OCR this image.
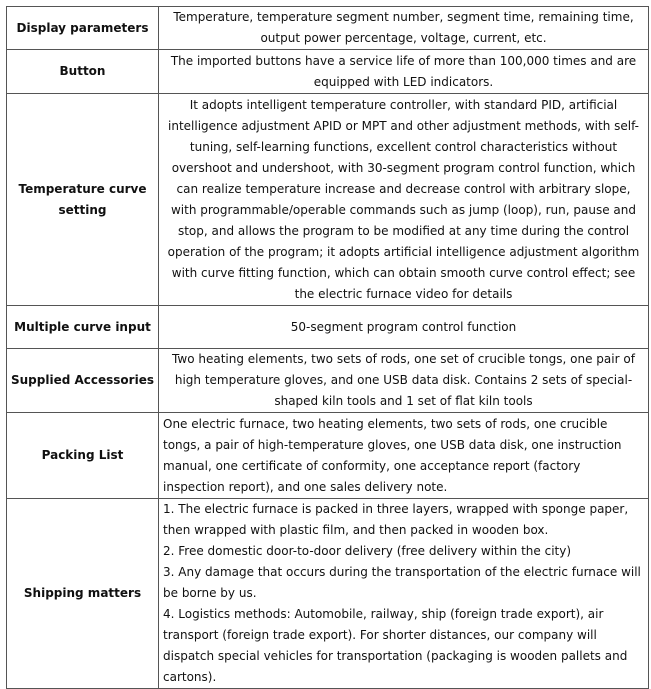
Display parameters	Temperature, temperature segment number, segment time, remaining time, output power percentage, voltage, current, etc.
Button	The imported buttons have a service life of more than 100,000 times and are equipped with LED indicators.
Temperature curve setting	It adopts intelligent temperature controller, with standard PID, artificial intelligence adjustment APID or MPT and other adjustment methods, with self-tuning, self-learning functions, excellent control characteristics without overshoot and undershoot, with 30-segment program control function, which can realize temperature increase and decrease control with arbitrary slope, with programmable/operable commands such as jump (loop), run, pause and stop, and allows the program to be modified at any time during the control operation of the program; it adopts artificial intelligence adjustment algorithm with curve fitting function, which can obtain smooth curve control effect; see the electric furnace video for details
Multiple curve input	50-segment program control function
Supplied Accessories	Two heating elements, two sets of rods, one set of crucible tongs, one pair of high temperature gloves, and one USB data disk. Contains 2 sets of special-shaped kiln tools and 1 set of flat kiln tools
Packing List	One electric furnace, two heating elements, two sets of rods, one crucible tongs, a pair of high-temperature gloves, one USB data disk, one instruction manual, one certificate of conformity, one acceptance report (factory inspection report), and one sales delivery note.
Shipping matters	1. The electric furnace is packed in three layers, wrapped with sponge paper, then wrapped with plastic film, and then packed in wooden box.

2. Free domestic door-to-door delivery (free delivery within the city)

3. Any damage that occurs during the transportation of the electric furnace will be borne by us.

4. Logistics methods: Automobile, railway, ship (foreign trade export), air transport (foreign trade export). For shorter distances, our company will dispatch special vehicles for transportation (packaging is wooden pallets and cartons).
